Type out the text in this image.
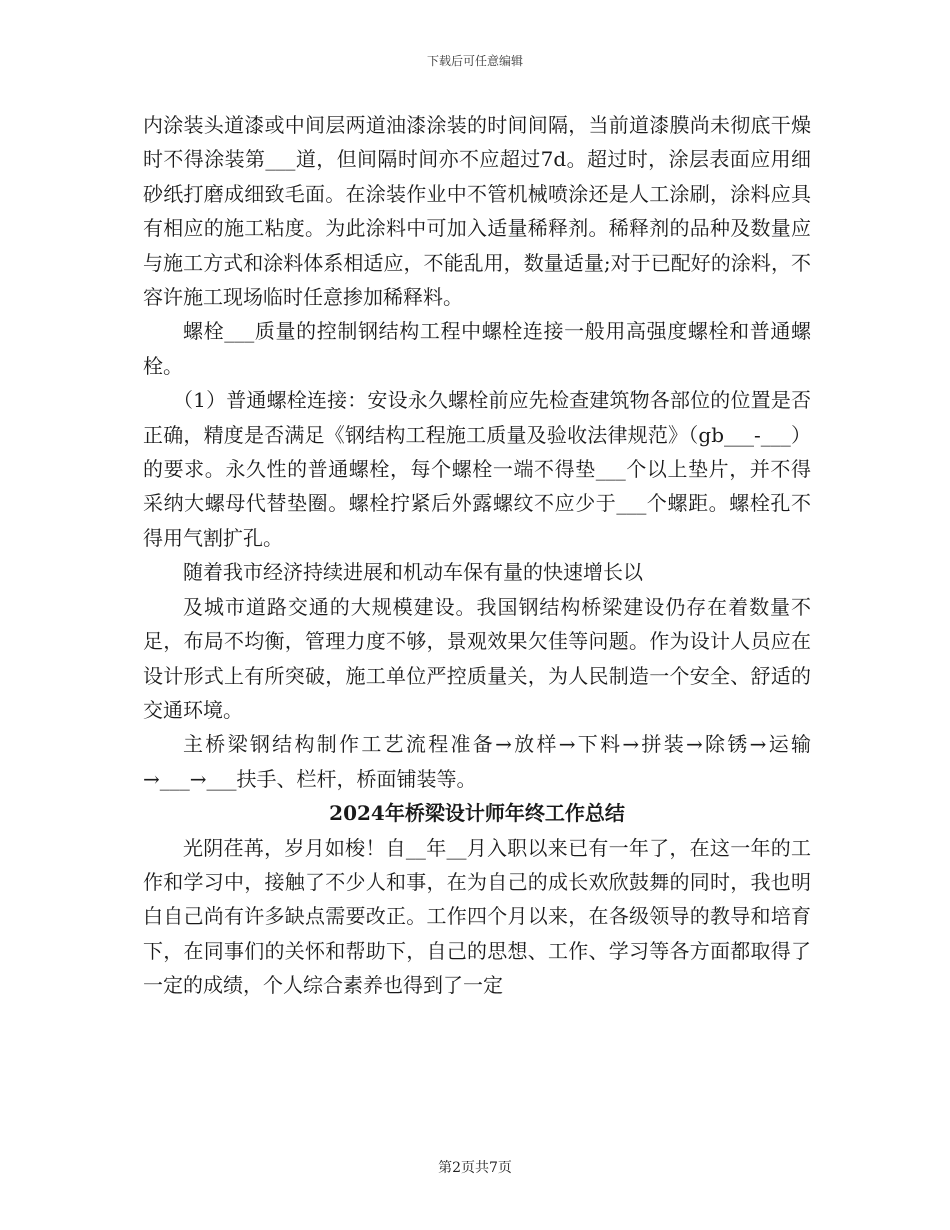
下载后可任意编辑

内涂装头道漆或中间层两道油漆涂装的时间间隔，当前道漆膜尚未彻底干燥时不得涂装第___道，但间隔时间亦不应超过7d。超过时，涂层表面应用细砂纸打磨成细致毛面。在涂装作业中不管机械喷涂还是人工涂刷，涂料应具有相应的施工粘度。为此涂料中可加入适量稀释剂。稀释剂的品种及数量应与施工方式和涂料体系相适应，不能乱用，数量适量;对于已配好的涂料，不容许施工现场临时任意掺加稀释料。

螺栓___质量的控制钢结构工程中螺栓连接一般用高强度螺栓和普通螺栓。

（1）普通螺栓连接：安设永久螺栓前应先检查建筑物各部位的位置是否正确，精度是否满足《钢结构工程施工质量及验收法律规范》（gb___-___）的要求。永久性的普通螺栓，每个螺栓一端不得垫___个以上垫片，并不得采纳大螺母代替垫圈。螺栓拧紧后外露螺纹不应少于___个螺距。螺栓孔不得用气割扩孔。

随着我市经济持续进展和机动车保有量的快速增长以

及城市道路交通的大规模建设。我国钢结构桥梁建设仍存在着数量不足，布局不均衡，管理力度不够，景观效果欠佳等问题。作为设计人员应在设计形式上有所突破，施工单位严控质量关，为人民制造一个安全、舒适的交通环境。

主桥梁钢结构制作工艺流程准备→放样→下料→拼装→除锈→运输→___→___扶手、栏杆，桥面铺装等。

2024年桥梁设计师年终工作总结

光阴荏苒，岁月如梭！自__年__月入职以来已有一年了，在这一年的工作和学习中，接触了不少人和事，在为自己的成长欢欣鼓舞的同时，我也明白自己尚有许多缺点需要改正。工作四个月以来，在各级领导的教导和培育下，在同事们的关怀和帮助下，自己的思想、工作、学习等各方面都取得了一定的成绩，个人综合素养也得到了一定

第2页共7页
